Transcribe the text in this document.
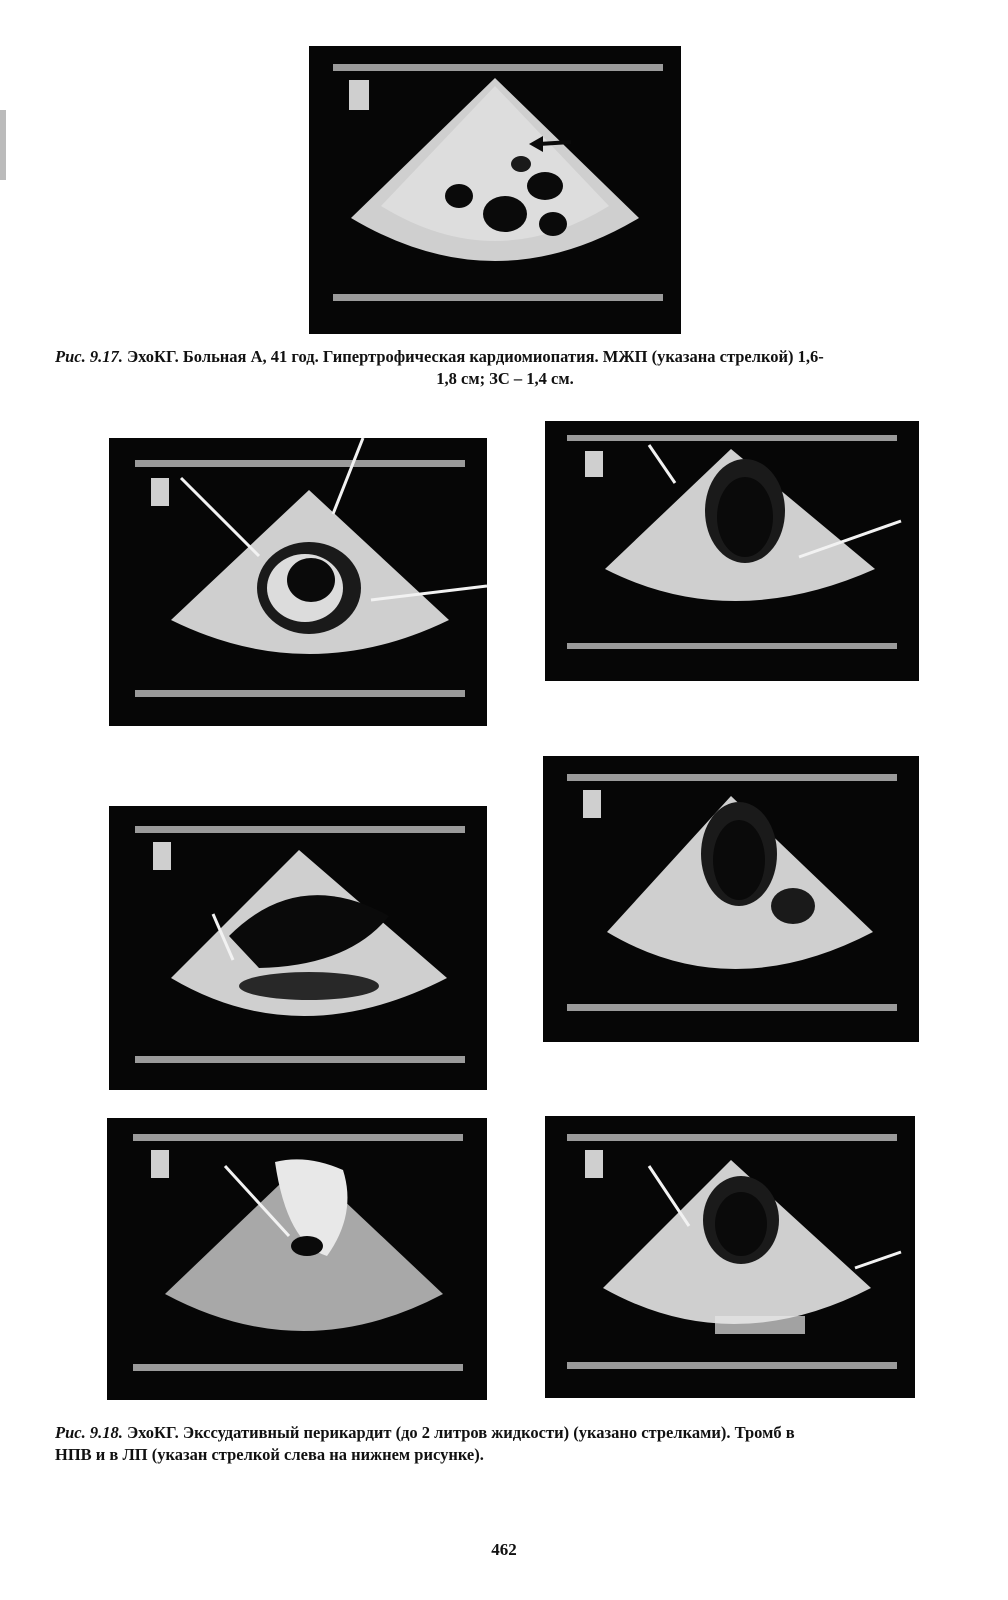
Рис. 9.17. ЭхоКГ. Больная А, 41 год. Гипертрофическая кардиомиопатия. МЖП (указана стрелкой) 1,6-
1,8 см; ЗС – 1,4 см.
Рис. 9.18. ЭхоКГ. Экссудативный перикардит (до 2 литров жидкости) (указано стрелками). Тромб в
НПВ и в ЛП (указан стрелкой слева на нижнем рисунке).
462
